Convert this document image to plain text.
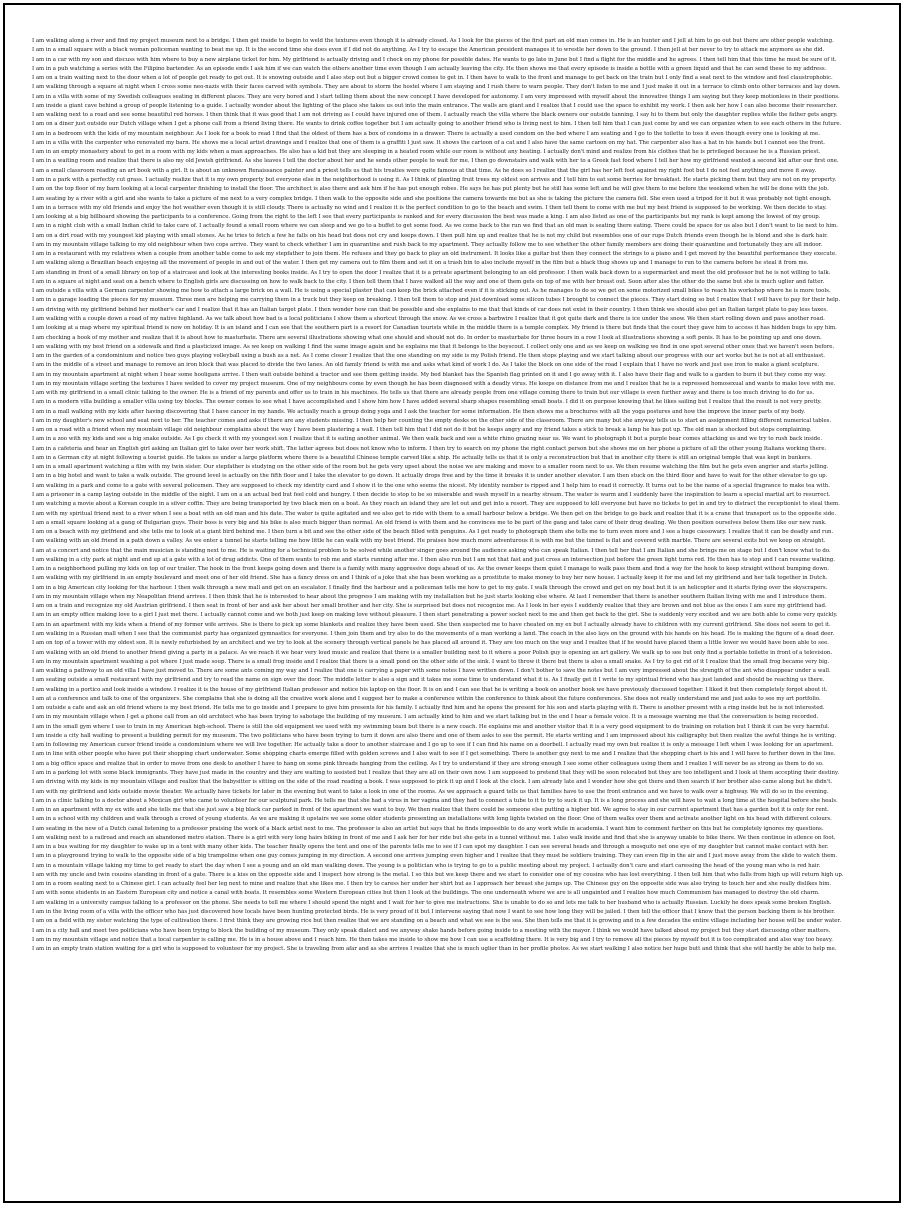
I am walking along a river and find my project museum next to a bridge. I then get inside to begin to weld the textures even though it is already closed. As I look for the pieces of the first part an old man comes in. He is an hunter and I jell at him to go out but there are other people watching.
I am in a small square with a black woman policeman wanting to beat me up. It is the second time she does even if I did not do anything. As I try to escape the American president manages it to wrestle her down to the ground. I then jell at her never to try to attack me anymore as she did.
I am in a car with my son and discuss with him where to buy a new airplane ticket for him. My girlfriend is actually driving and I check on my phone for possible dates. He wants to go late in June but I find a flight for the middle and he agrees. I then tell him that this time he must be sure of it.
I am in a pub watching a series with the Filipino bartender. As an episode ends I ask him if we can watch the others another time even though I am actually leaving the city. He then shows me that every episode is inside a bottle with a green liquid and that he can send these to my address.
I am on a train waiting next to the door when a lot of people get ready to get out. It is snowing outside and I also step out but a bigger crowd comes to get in. I then have to walk to the front and manage to get back on the train but I only find a seat next to the window and feel claustrophobic.
I am walking through a square at night when I cross some neo-nazis with their faces carved with symbols. They are about to storm the hostel where I am staying and I rush there to warn people. They don't listen to me and I just make it out in a terrace to climb onto other terraces and lay down.
I am in a villa with some of my Swedish colleagues seating in different places. They are very bored and I start telling them about the new concept I have developed for autonomy. I am very impressed with myself about the innovative things I am saying but they keep motionless in their positions.
I am inside a giant cave behind a group of people listening to a guide. I actually wonder about the lighting of the place she takes us out into the main entrance. The walls are giant and I realize that I could use the space to exhibit my work. I then ask her how I can also become their researcher.
I am walking next to a road and see some beautiful red horses. I then think that it was good that I am not driving as I could have injured one of them. I actually reach the villa where the black owners our outside tanning. I say hi to them but only the daughter replies while the father gets angry.
I am on a diner just outside our Dutch village when I get a phone call from a friend living there. He wants to drink coffee together but I am actually going to another friend who is living next to him. I then tell him that I can just come by and we can organize when to see each others in the future.
I am in a bedroom with the kids of my mountain neighbour. As I look for a book to read I find that the oldest of them has a box of condoms in a drawer. There is actually a used condom on the bed where I am seating and I go to the toilette to toss it even though every one is looking at me.
I am in a villa with the carpenter who renovated my barn. He shows me a local artist drawings and I realize that one of them is a graffiti I just saw. It shows the cartoon of a cat and I also have the same cartoon on my hat. The carpenter also has a hat in his hands but I cannot see the front.
I am in an empty monastery about to get in a room with my kids when a man approaches. He also has a kid but they are sleeping in a heated room while our room is without any heating. I actually don't mind and realize from his clothes that he is privileged because he is a Russian priest.
I am in a waiting room and realize that there is also my old Jewish girlfriend. As she leaves I tell the doctor about her and he sends other people to wait for me. I then go downstairs and walk with her to a Greek fast food where I tell her how my girlfriend wanted a second kid after our first one.
I am a small classroom reading an art book with a girl. It is about an unknown Renaissance painter and a priest tells us that his treaties were quite famous at that time. As he does so I realize that the girl has her left foot against my right foot but I do not feel anything and move it away.
I am in a park with a perfectly cut grass. I actually realize that it is my own property but everyone else in the neighborhood is using it. As I think of planting fruit trees my oldest son arrives and I tell him to eat some berries for breakfast. He starts picking them but they are not on my property.
I am on the top floor of my barn looking at a local carpenter finishing to install the floor. The architect is also there and ask him if he has put enough robes. He says he has put plenty but he still has some left and he will give them to me before the weekend when he will be done with the job.
I am seating by a river with a girl and she wants to take a picture of me next to a very complex bridge. I then walk to the opposite side and she positions the camera towards me but as she is taking the picture the camera fell. She even used a tripod for it but it was probably not tight enough.
I am in a terrace with my old friends and enjoy the hot weather even though it is still cloudy. There is actually no wind and I realize it is the perfect condition to go to the beach and swim. I then tell them to come with me but my best friend is supposed to be working. We then decide to stay.
I am looking at a big billboard showing the participants to a conference. Going from the right to the left I see that every participants is ranked and for every discussion the best was made a king. I am also listed as one of the participants but my rank is kept among the lowest of my group.
I am in a night club with a small Indian child to take care of. I actually found a small room where we can sleep and we go to a buffet to get some food. As we come back to the run we find that an old man is seating there eating. There could be space for us also but I don't want to lie next to him.
I am on a dirt road with my youngest kid playing with small stones. As he tries to fetch a few he falls on his head but does not cry and keeps down. I then pull him up and realize that he is not my child but resembles one of our rups Dutch friends even though he is blond and she is dark hair.
I am in my mountain village talking to my old neighbour when two cops arrive. They want to check whether I am in quarantine and rush back to my apartment. They actually follow me to see whether the other family members are doing their quarantine and fortunately they are all indoor.
I am in a restaurant with my relatives when a couple from another table come to ask my stepfather to join them. He refuses and they go back to play an old instrument. It looks like a guitar but then they connect the strings to a piano and I get moved by the beautiful performance they execute.
I am walking along a Brazilian beach enjoying all the movement of people in and out of the water. I then get my camera out to film them and set it on a trash bin to also include myself in the film but a black thug shows up and I manage to run to the camera before he steal it from me.
I am standing in front of a small library on top of a staircase and look at the interesting books inside. As I try to open the door I realize that it is a private apartment belonging to an old professor. I then walk back down to a supermarket and meet the old professor but he is not willing to talk.
I am in a square at night and seat on a bench where to English girls are discussing on how to walk back to the city. I then tell them that I have walked all the way and one of them gets on top of me with her breast out. Soon after also the other do the same but she is much uglier and fatter.
I am outside a villa with a German carpenter showing me how to attach a large brick on a wall. He is using a special plaster that can keep the brick attached even if it is sticking out. As he manages to do so we get on some motorized small bikes to reach his workshop where he is more tools.
I am in a garage loading the pieces for my museum. Three men are helping me carrying them in a truck but they keep on breaking. I then tell them to stop and just download some silicon tubes I brought to connect the pieces. They start doing so but I realize that I will have to pay for their help.
I am driving with my girlfriend behind her mother's car and I realize that it has an Italian target plate. I then wonder how can that be possible and she explains to me that that kinds of car does not exist in their country. I then think we should also get an Italian target plate to pay less taxes.
I am walking with a couple down a road of my native highland. As we talk about how bad is a local politicians I show them a shortcut through the snow. As we cross a barbwire I realize that it got quite dark and there is ice under the snow. We then start rolling down and pass another road.
I am looking at a map where my spiritual friend is now on holiday. It is an island and I can see that the southern part is a resort for Canadian tourists while in the middle there is a temple complex. My friend is there but finds that the court they gave him to access it has hidden bugs to spy him.
I am checking a book of my mother and realize that it is about how to masturbate. There are several illustrations showing what one should and should not do. In order to masturbate for three hours in a row I look at illustrations showing a soft penis. It has to be pointing up and one down.
I am walking with my best friend on a sidewalk and find a plasticized image. As we keep on walking I find the same image again and he explains me that it belongs to the boyscout. I collect only one and as we keep on walking we find in one spot several other ones that we haven't seen before.
I am in the garden of a condominium and notice two guys playing volleyball using a bush as a net. As I come closer I realize that the one standing on my side is my Polish friend. He then stops playing and we start talking about our progress with our art works but he is not at all enthusiast.
I am in the middle of a street and manage to remove an iron block that was placed to divide the two lanes. An old family friend is with me and asks what kind of work I do. As I take the block on one side of the road I explain that I have no work and just use iron to make a giant sculpture.
I am in my mountain apartment at night when I hear some hooligans arrive. I then wait outside behind a tractor and see them getting inside. My bed blanket has the Spanish flag printed on it and I go away with it. I also have their flag and walk to a garden to burn it but they come my way.
I am in my mountain village sorting the textures I have welded to cover my project museum. One of my neighbours come by even though he has been diagnosed with a deadly virus. He keeps on distance from me and I realize that he is a repressed homosexual and wants to make love with me.
I am with my girlfriend in a small clinic talking to the owner. He is a friend of my parents and offer us to train in his machines. He tells us that there are already people from one village coming there to train but our village is even further away and there is too much driving to do for us.
I am in a modern villa building a smaller villa using toy blocks. The owner comes to see what I have accomplished and I show him how I have added several sharp shapes resembling small boats. I did it on purpose knowing that he likes sailing but I realize that the result is not very pretty.
I am in a mall walking with my kids after having discovering that I have cancer in my hands. We actually reach a group doing yoga and I ask the teacher for some information. He then shows me a brochures with all the yoga postures and how the improve the inner parts of my body.
I am in my daughter's new school and seat next to her. The teacher comes and asks if there are any students missing. I then help her counting the empty desks on the other side of the classroom. There are many but she anyway tells us to start an assignment filling different numerical tables.
I am on a road with a friend when my mountain village old neighbour complains about the way I have been plastering a wall. I then tell him that I did not do it but he keeps angry and my friend takes a stick to break a lamp he has put up. The old man is shocked but stops complaining.
I am in a zoo with my kids and see a big snake outside. As I go check it with my youngest son I realize that it is eating another animal. We then walk back and see a white rhino grazing near us. We want to photograph it but a purple bear comes attacking us and we try to rush back inside.
I am in a cafeteria and hear an English girl asking an Italian girl to take over her work shift. The latter agrees but does not know who to inform. I then try to search on my phone the right contact person but she shows me on her phone a picture of all the other young Italians working there.
I am in a German city at night following a tourist guide. He takes us under a large platform where there is a beautiful Chinese temple carved like a ship. He actually tells us that it is only a reconstruction but that in another city there is still an original temple that was kept in bunkers.
I am in a small apartment watching a film with my twin sister. Our stepfather is studying on the other side of the room but he gets very upset about the noise we are making and move to a smaller room next to us. We then resume watching the film but he gets even angrier and starts jelling.
I am in a big hotel and want to take a walk outside. The ground level is actually on the fifth floor and I take the elevator to go down. It actually drops free and by the time it breaks it is under another elevator. I am then stuck on the third floor and have to wait for the other elevator to go up.
I am walking in a park and come to a gate with several policemen. They are supposed to check my identity card and I show it to the one who seems the nicest. My identity number is ripped and I help him to read it correctly. It turns out to be the name of a special fragrance to make tea with.
I am a prisoner in a camp laying outside in the middle of the night. I am on a an actual bed but feel cold and hungry. I then decide to stop to be so miserable and wash myself in a nearby stream. The water is warm and I suddenly have the inspiration to learn a special martial art to resurrect.
I am watching a movie about a Korean couple in a silver coffin. They are being transported by two black men on a boat. As they reach an island they are let out and get into a resort. They are supposed to kill everyone but have no tickets to get in and try to distract the receptionist to steal them.
I am with my spiritual friend next to a river when I see a boat with an old man and his date. The water is quite agitated and we also get to ride with them to a small harbour below a bridge. We then get on the bridge to go back and realize that it is a crane that transport us to the opposite side.
I am a small square looking at a gang of Bulgarian guys. Their boss is very big and his bike is also much bigger than normal. An old friend is with them and he convinces me to be part of the gang and take care of their drug dealing. We then position ourselves below them like our new rank.
I am on a beach with my girlfriend and she tells me to look at a giant bird behind me. I then turn a bit and see the other side of the beach filled with penguins. As I get ready to photograph them she tells me to turn even more and I see a huge cassowary. I realize that it can be deadly and run.
I am walking with an old friend in a path down a valley. As we enter a tunnel he starts telling me how little he can walk with my best friend. He praises how much more adventurous it is with me but the tunnel is flat and covered with marble. There are several exits but we keep on straight.
I am at a concert and notice that the main musician is standing next to me. He is waiting for a technical problem to be solved while another singer goes around the audience asking who can speak Italian. I then tell her that I am Italian and she brings me on stage but I don't know what to do.
I am walking in a city park at night and end up at a gate with a lot of drug addicts. One of them wants to rob me and starts running after me. I then also run but I am not that fast and just cross an intersection just before the green light turns red. He then has to stop and I can resume walking.
I am in a neighborhood pulling my kids on top of our trailer. The hook in the front keeps going down and there is a family with many aggressive dogs ahead of us. As the owner keeps them quiet I manage to walk pass them and find a way for the hook to keep straight without bumping down.
I am walking with my girlfriend in an empty boulevard and meet one of her old friend. She has a fancy dress on and I think of a joke that she has been working as a prostitute to make money to buy her new house. I actually keep it for me and let my girlfriend and her talk together in Dutch.
I am in a big American city looking for the harbour. I then walk through a new mall and get on an escalator. I finally find the harbour and a policeman tells me how to get to my gate. I walk through the crowd and get on my boat but it is an helicopter and it starts flying over the skyscrapers.
I am in my mountain village when my Neapolitan friend arrives. I then think that he is interested to hear about the progress I am making with my installation but he just starts looking else where. At last I remember that there is another southern Italian living with me and I introduce them.
I am on a train and recognize my old Austrian girlfriend. I then seat in front of her and ask her about her small brother and her city. She is surprised but does not recognize me. As I look in her eyes I suddenly realize that they are brown and not blue as the ones I am sure my girlfriend had.
I am in an empty office making love to a girl I just met there. I actually cannot come and we both just keep on making love without pleasure. I then start penetrating a power socket next to me and then get back to the girl. She is suddenly very excited and we are both able to come very quickly.
I am in an apartment with my kids when a friend of my former wife arrives. She is there to pick up some blankets and realize they have been used. She then suspected me to have cheated on my ex but I actually already have to children with my current girlfriend. She does not seem to get it.
I am walking in a Russian mall when I see that the communist party has organized gymnastics for everyone. I then join them and try also to do the movements of a man working a land. The coach in the also lays on the ground with his hands on his head. He is making the figure of a dead deer.
I am on top of a tower with my oldest son. It is newly refurbished by an architect and we try to look at the scenery through vertical panels he has placed all around it. They are too much on the way and I realize that if he would have placed them a little lower we would have been able to see.
I am walking with an old friend to another friend giving a party in a palace. As we reach it we hear very loud music and realize that there is a smaller building next to it where a poor Polish guy is opening an art gallery. We walk up to see but only find a portable toilette in front of a television.
I am in my mountain apartment washing a pot where I just made soup. There is a small frog inside and I realize that there is a small pond on the other side of the sink. I want to throw it there but there is also a small snake. As I try to get rid of it I realize that the small frog became very big.
I am walking a pathway to an old villa I have just moved to. There are some ants coming my way and I realize that one is carrying a paper with some notes I have written down. I don't bother to save the notes but I am very impressed about the strength of the ant who disappear under a wall.
I am seating outside a small restaurant with my girlfriend and try to read the name on sign over the door. The middle letter is also a sign and it takes me some time to understand what it is. As I finally get it I write to my spiritual friend who has just landed and should be reaching us there.
I am walking in a portico and look inside a window. I realize it is the house of my girlfriend Italian professor and notice his laptop on the floor. It is on and I can see that he is writing a book on another book we have previously discussed together. I liked it but then completely forgot about it.
I am at a conference and talk to one of the organizers. She complains that she is doing all the creative work alone and I suggest her to make a conference within the conference to think about the future conferences. She does not really understand me and just asks to see my art portfolio.
I am outside a cafe and ask an old friend where is my best friend. He tells me to go inside and I prepare to give him presents for his family. I actually find him and he opens the present for his son and starts playing with it. There is another present with a ring inside but he is not interested.
I am in my mountain village when I get a phone call from an old architect who has been trying to sabotage the building of my museum. I am actually kind to him and we start talking but in the end I hear a female voice. It is a message warning me that the conversation is being recorded.
I am in the small gym where I use to train in my American high-school. There is still the old equipment we used with my swimming team but there is a new coach. He explains me and another visitor that it is a very good equipment to do training on rotation but I think it can be very harmful.
I am inside a city hall waiting to present a building permit for my museum. The two politicians who have been trying to turn it down are also there and one of them asks to see the permit. He starts writing and I am impressed about his calligraphy but then realize the awful things he is writing.
I am in following my American cursor friend inside a condominium where we will live together. He actually take a door to another staircase and I go up to see if I can find his name on a doorbell. I actually read my own but realize it is only a message I left when I was looking for an apartment.
I am in line with other people who have put their shopping chart underwater. Some shopping charts emerge filled with golden screws and I also wait to see if I get something. There is another guy next to me and I realize that the shopping chart is his and I will have to further down in the line.
I am a big office space and realize that in order to move from one desk to another I have to hang on some pink threads hanging from the ceiling. As I try to understand if they are strong enough I see some other colleagues using them and I realize I will never be as strong as them to do so.
I am in a parking lot with some black immigrants. They have just made in the country and they are waiting to assisted but I realize that they are all on their own now. I am supposed to pretend that they will be soon relocated but they are too intelligent and I look at them accepting their destiny.
I am driving with my kids in my mountain village and realize that the babysitter is sitting on the side of the road reading a book. I was supposed to pick it up and I look at the clock. I am already late and I wonder how she got there and then search if her brother also came along but he didn't.
I am with my girlfriend and kids outside movie theater. We actually have tickets for later in the evening but want to take a look in one of the rooms. As we approach a guard tells us that families have to use the front entrance and we have to walk over a highway. We will do so in the evening.
I am in a clinic talking to a doctor about a Mexican girl who came to volunteer for our sculptural park. He tells me that she had a virus in her vagina and they had to connect a tube to it to try to suck it up. It is a long process and she will have to wait a long time at the hospital before she heals.
I am in an apartment with my ex wife and she tells me that she just saw a big black car parked in front of the apartment we want to buy. We then realize that there could be someone else putting a higher bid. We agree to stay in our current apartment that has a garden but it is only for rent.
I am in a school with my children and walk through a crowd of young students. As we are making it upstairs we see some older students presenting an installations with long lights twisted on the floor. One of them walks over them and activate another light on his head with different colours.
I am seating in the new of a Dutch canal listening to a professor praising the work of a black artist next to me. The professor is also an artist but says that he finds impossible to do any work while in academia. I want him to comment further on this but he completely ignores my questions.
I am walking next to a railroad and reach an abandoned metro station. There is a girl with very long hairs biking in front of me and I ask her for her ride but she gets in a tunnel without me. I also walk inside and find that she is anyway unable to bike there. We then continue in silence on foot.
I am in a bus waiting for my daughter to wake up in a tent with many other kids. The teacher finally opens the tent and one of the parents tells me to see if I can spot my daughter. I can see several heads and through a mosquito net one eye of my daughter but cannot make contact with her.
I am in a playground trying to walk to the opposite side of a big trampoline when one guy comes jumping in my direction. A second one arrives jumping even higher and I realize that they must be soldiers training. They can even flip in the air and I just move away from the slide to watch them.
I am in a mountain village taking my time to get ready to start the day when I see a young and an old man walking down. The young is a politician who is trying to go to a public meeting about my project. I actually don't care and start caressing the head of the young man who is red hair.
I am with my uncle and twin cousins standing in front of a gate. There is a kiss on the opposite side and I inspect how strong is the metal. I so this but we keep there and we start to consider one of my cousins who has lost everything. I then tell him that who falls from high up will return high up.
I am in a room seating next to a Chinese girl. I can actually feel her leg next to mine and realize that she likes me. I then try to caress her under her shirt but as I approach her breast she jumps up. The Chinese guy on the opposite side was also trying to touch her and she really dislikes him.
I am with some students in an Eastern European city and notice a canal with boats. It resembles some Western European cities but then I look at the buildings. The one underneath where we are is all ungainted and I realize how much Communism has managed to destroy the old charm.
I am walking in a university campus talking to a professor on the phone. She needs to tell me where I should spend the night and I wait for her to give me instructions. She is unable to do so and lets me talk to her husband who is actually Russian. Luckily he does speak some broken English.
I am in the living room of a villa with the officer who has just discovered how locals have been hunting protected birds. He is very proud of it but I intervene saying that now I want to see how long they will be jailed. I then tell the officer that I know that the person backing them is his brother.
I am on a field with my sister watching the type of cultivation there. I first think they are growing rice but then realize that we are standing on a beach and what we see is the sea. She then tells me that it is growing and in a few decades the entire village including her house will be under water.
I am in a city hall and meet two politicians who have been trying to block the building of my museum. They only speak dialect and we anyway shake hands before going inside to a meeting with the mayor. I think we would have talked about my project but they start discussing other matters.
I am in my mountain village and notice that a local carpenter is calling me. He is in a house above and I reach him. He then takes me inside to show me how I can use a scaffolding there. It is very big and I try to remove all the pieces by myself but it is too complicated and also way too heavy.
I am in an empty train station waiting for a girl who is supposed to volunteer for my project. She is traveling from afar and as she arrives I realize that she is much uglier than in her profile photos. As we start walking I also notice her huge butt and think that she will hardly be able to help me.
